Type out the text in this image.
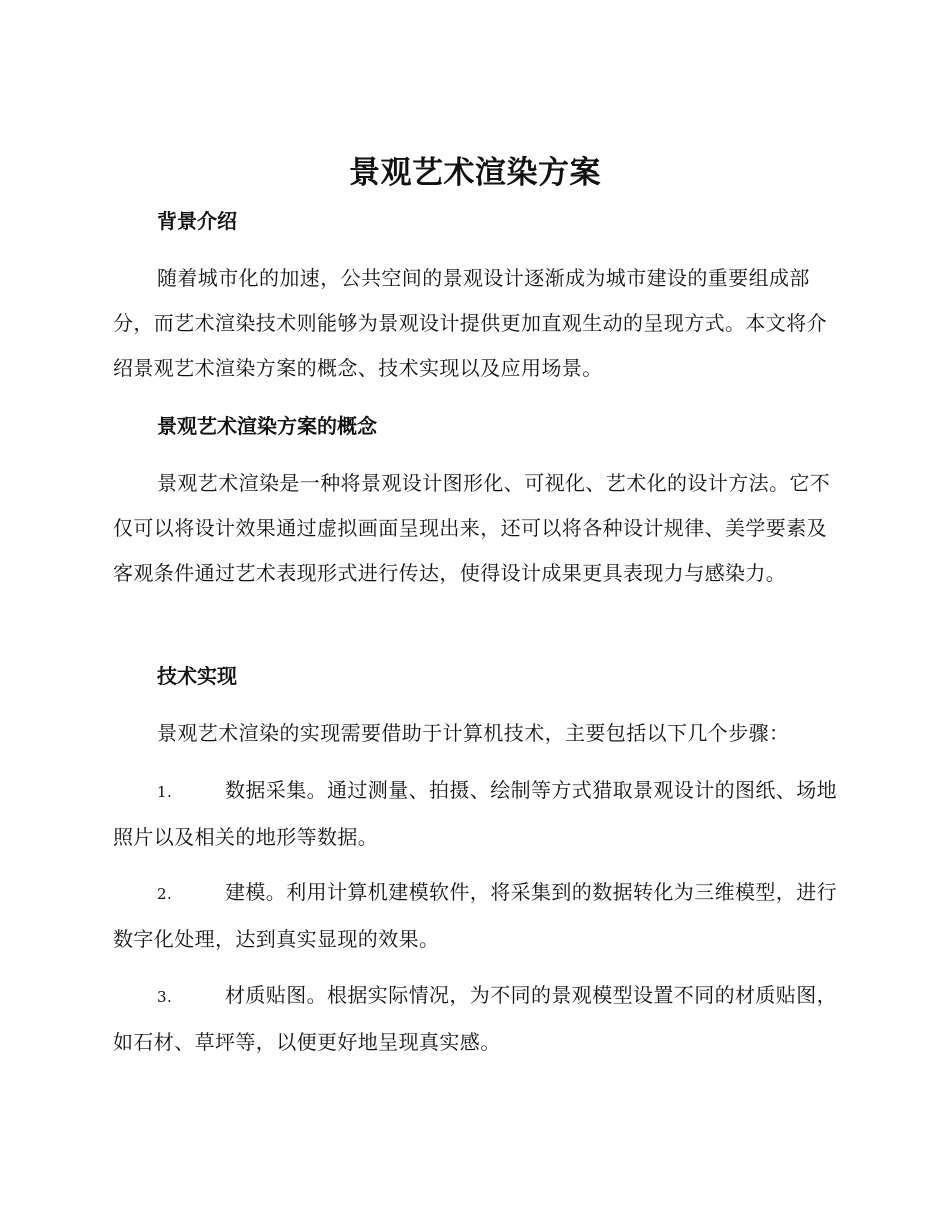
景观艺术渲染方案
背景介绍

随着城市化的加速，公共空间的景观设计逐渐成为城市建设的重要组成部分，而艺术渲染技术则能够为景观设计提供更加直观生动的呈现方式。本文将介绍景观艺术渲染方案的概念、技术实现以及应用场景。

景观艺术渲染方案的概念

景观艺术渲染是一种将景观设计图形化、可视化、艺术化的设计方法。它不仅可以将设计效果通过虚拟画面呈现出来，还可以将各种设计规律、美学要素及客观条件通过艺术表现形式进行传达，使得设计成果更具表现力与感染力。

技术实现

景观艺术渲染的实现需要借助于计算机技术，主要包括以下几个步骤：

1.	数据采集。通过测量、拍摄、绘制等方式猎取景观设计的图纸、场地照片以及相关的地形等数据。

2.	建模。利用计算机建模软件，将采集到的数据转化为三维模型，进行数字化处理，达到真实显现的效果。

3.	材质贴图。根据实际情况，为不同的景观模型设置不同的材质贴图，如石材、草坪等，以便更好地呈现真实感。
